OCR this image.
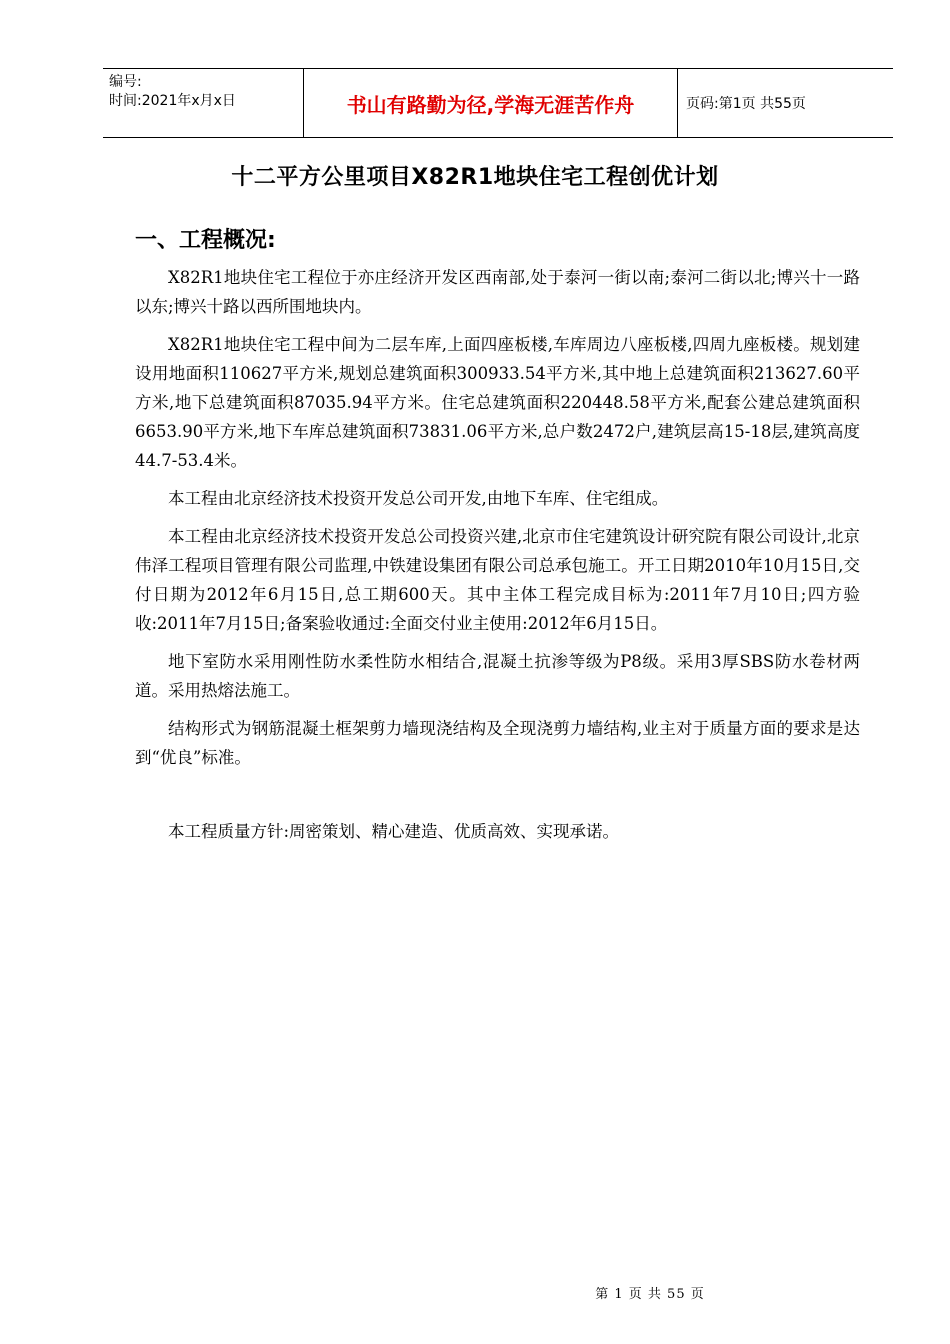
编号:
时间:2021年x月x日	书山有路勤为径,学海无涯苦作舟	页码:第1页 共55页
十二平方公里项目X82R1地块住宅工程创优计划
一、工程概况:

X82R1地块住宅工程位于亦庄经济开发区西南部,处于泰河一街以南;泰河二街以北;博兴十一路以东;博兴十路以西所围地块内。

X82R1地块住宅工程中间为二层车库,上面四座板楼,车库周边八座板楼,四周九座板楼。规划建设用地面积110627平方米,规划总建筑面积300933.54平方米,其中地上总建筑面积213627.60平方米,地下总建筑面积87035.94平方米。住宅总建筑面积220448.58平方米,配套公建总建筑面积6653.90平方米,地下车库总建筑面积73831.06平方米,总户数2472户,建筑层高15-18层,建筑高度44.7-53.4米。

本工程由北京经济技术投资开发总公司开发,由地下车库、住宅组成。

本工程由北京经济技术投资开发总公司投资兴建,北京市住宅建筑设计研究院有限公司设计,北京伟泽工程项目管理有限公司监理,中铁建设集团有限公司总承包施工。开工日期2010年10月15日,交付日期为2012年6月15日,总工期600天。其中主体工程完成目标为:2011年7月10日;四方验收:2011年7月15日;备案验收通过:全面交付业主使用:2012年6月15日。

地下室防水采用刚性防水柔性防水相结合,混凝土抗渗等级为P8级。采用3厚SBS防水卷材两道。采用热熔法施工。

结构形式为钢筋混凝土框架剪力墙现浇结构及全现浇剪力墙结构,业主对于质量方面的要求是达到“优良”标准。

本工程质量方针:周密策划、精心建造、优质高效、实现承诺。

第 1 页 共 55 页
